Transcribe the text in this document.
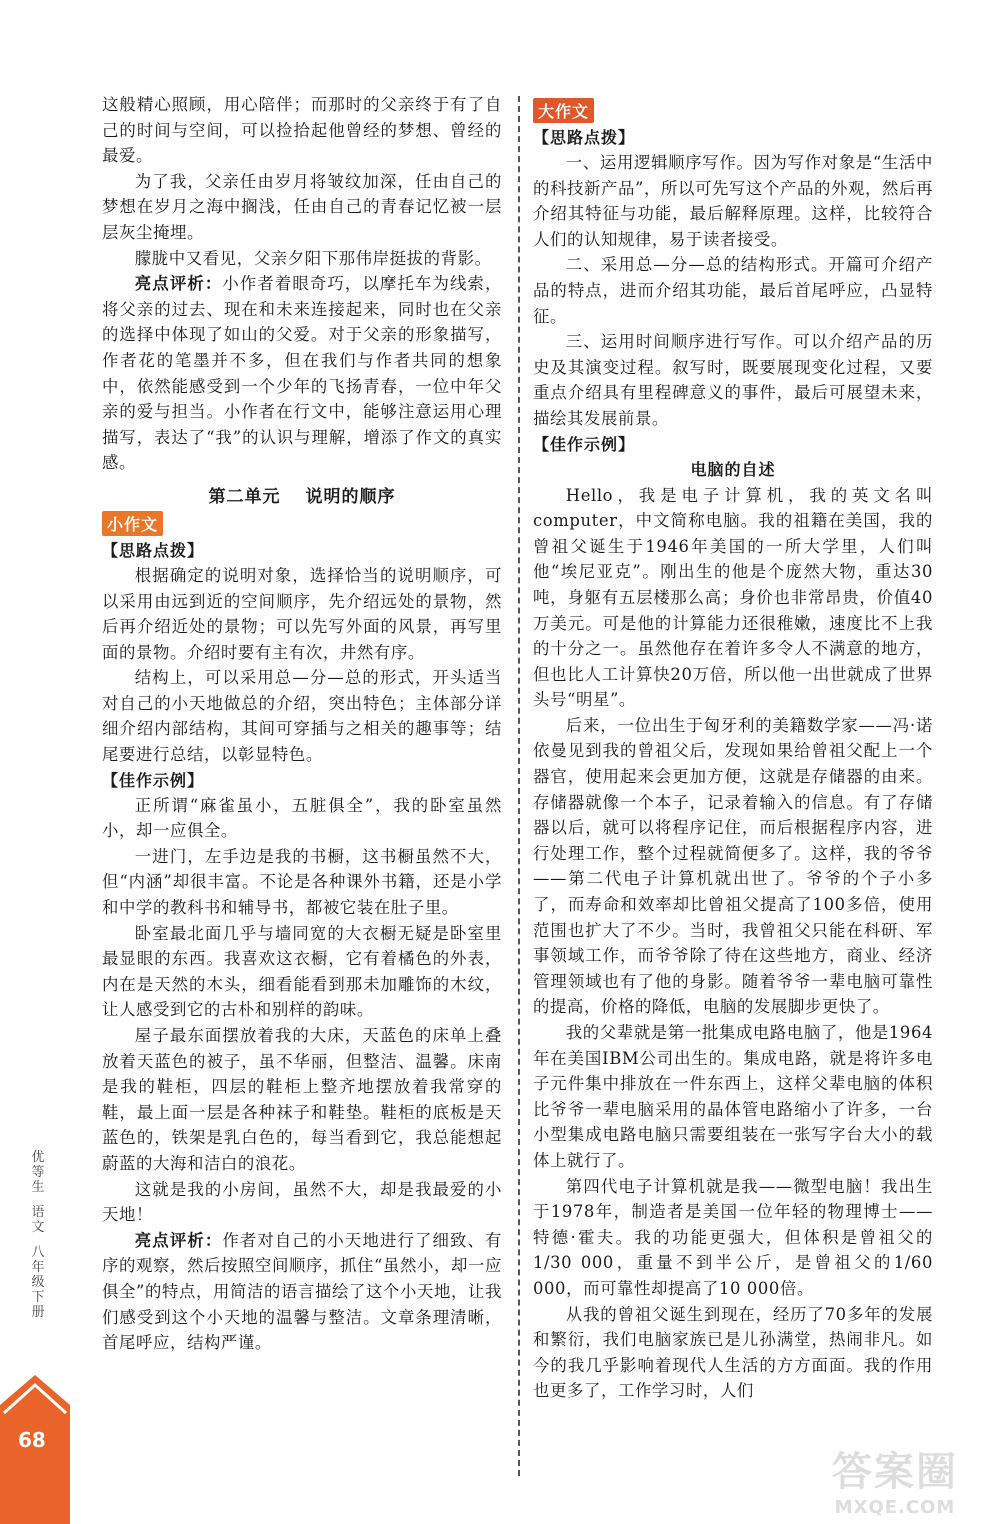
这般精心照顾，用心陪伴；而那时的父亲终于有了自己的时间与空间，可以捡拾起他曾经的梦想、曾经的最爱。

为了我，父亲任由岁月将皱纹加深，任由自己的梦想在岁月之海中搁浅，任由自己的青春记忆被一层层灰尘掩埋。

朦胧中又看见，父亲夕阳下那伟岸挺拔的背影。

亮点评析：小作者着眼奇巧，以摩托车为线索，将父亲的过去、现在和未来连接起来，同时也在父亲的选择中体现了如山的父爱。对于父亲的形象描写，作者花的笔墨并不多，但在我们与作者共同的想象中，依然能感受到一个少年的飞扬青春，一位中年父亲的爱与担当。小作者在行文中，能够注意运用心理描写，表达了“我”的认识与理解，增添了作文的真实感。

第二单元 说明的顺序
小作文
【思路点拨】

根据确定的说明对象，选择恰当的说明顺序，可以采用由远到近的空间顺序，先介绍远处的景物，然后再介绍近处的景物；可以先写外面的风景，再写里面的景物。介绍时要有主有次，井然有序。

结构上，可以采用总—分—总的形式，开头适当对自己的小天地做总的介绍，突出特色；主体部分详细介绍内部结构，其间可穿插与之相关的趣事等；结尾要进行总结，以彰显特色。

【佳作示例】

正所谓“麻雀虽小，五脏俱全”，我的卧室虽然小，却一应俱全。

一进门，左手边是我的书橱，这书橱虽然不大，但“内涵”却很丰富。不论是各种课外书籍，还是小学和中学的教科书和辅导书，都被它装在肚子里。

卧室最北面几乎与墙同宽的大衣橱无疑是卧室里最显眼的东西。我喜欢这衣橱，它有着橘色的外表，内在是天然的木头，细看能看到那未加雕饰的木纹，让人感受到它的古朴和别样的韵味。

屋子最东面摆放着我的大床，天蓝色的床单上叠放着天蓝色的被子，虽不华丽，但整洁、温馨。床南是我的鞋柜，四层的鞋柜上整齐地摆放着我常穿的鞋，最上面一层是各种袜子和鞋垫。鞋柜的底板是天蓝色的，铁架是乳白色的，每当看到它，我总能想起蔚蓝的大海和洁白的浪花。

这就是我的小房间，虽然不大，却是我最爱的小天地！

亮点评析：作者对自己的小天地进行了细致、有序的观察，然后按照空间顺序，抓住“虽然小，却一应俱全”的特点，用简洁的语言描绘了这个小天地，让我们感受到这个小天地的温馨与整洁。文章条理清晰，首尾呼应，结构严谨。

大作文
【思路点拨】

一、运用逻辑顺序写作。因为写作对象是“生活中的科技新产品”，所以可先写这个产品的外观，然后再介绍其特征与功能，最后解释原理。这样，比较符合人们的认知规律，易于读者接受。

二、采用总—分—总的结构形式。开篇可介绍产品的特点，进而介绍其功能，最后首尾呼应，凸显特征。

三、运用时间顺序进行写作。可以介绍产品的历史及其演变过程。叙写时，既要展现变化过程，又要重点介绍具有里程碑意义的事件，最后可展望未来，描绘其发展前景。

【佳作示例】
电脑的自述

Hello，我是电子计算机，我的英文名叫computer，中文简称电脑。我的祖籍在美国，我的曾祖父诞生于1946年美国的一所大学里，人们叫他“埃尼亚克”。刚出生的他是个庞然大物，重达30吨，身躯有五层楼那么高；身价也非常昂贵，价值40万美元。可是他的计算能力还很稚嫩，速度比不上我的十分之一。虽然他存在着许多令人不满意的地方，但也比人工计算快20万倍，所以他一出世就成了世界头号“明星”。

后来，一位出生于匈牙利的美籍数学家——冯·诺依曼见到我的曾祖父后，发现如果给曾祖父配上一个器官，使用起来会更加方便，这就是存储器的由来。存储器就像一个本子，记录着输入的信息。有了存储器以后，就可以将程序记住，而后根据程序内容，进行处理工作，整个过程就简便多了。这样，我的爷爷——第二代电子计算机就出世了。爷爷的个子小多了，而寿命和效率却比曾祖父提高了100多倍，使用范围也扩大了不少。当时，我曾祖父只能在科研、军事领域工作，而爷爷除了待在这些地方，商业、经济管理领域也有了他的身影。随着爷爷一辈电脑可靠性的提高，价格的降低，电脑的发展脚步更快了。

我的父辈就是第一批集成电路电脑了，他是1964年在美国IBM公司出生的。集成电路，就是将许多电子元件集中排放在一件东西上，这样父辈电脑的体积比爷爷一辈电脑采用的晶体管电路缩小了许多，一台小型集成电路电脑只需要组装在一张写字台大小的载体上就行了。

第四代电子计算机就是我——微型电脑！我出生于1978年，制造者是美国一位年轻的物理博士——特德·霍夫。我的功能更强大，但体积是曾祖父的1/30 000，重量不到半公斤，是曾祖父的1/60 000，而可靠性却提高了10 000倍。

从我的曾祖父诞生到现在，经历了70多年的发展和繁衍，我们电脑家族已是儿孙满堂，热闹非凡。如今的我几乎影响着现代人生活的方方面面。我的作用也更多了，工作学习时，人们

优等生
语文
八年级下册
68
答案圈
MXQE.COM
